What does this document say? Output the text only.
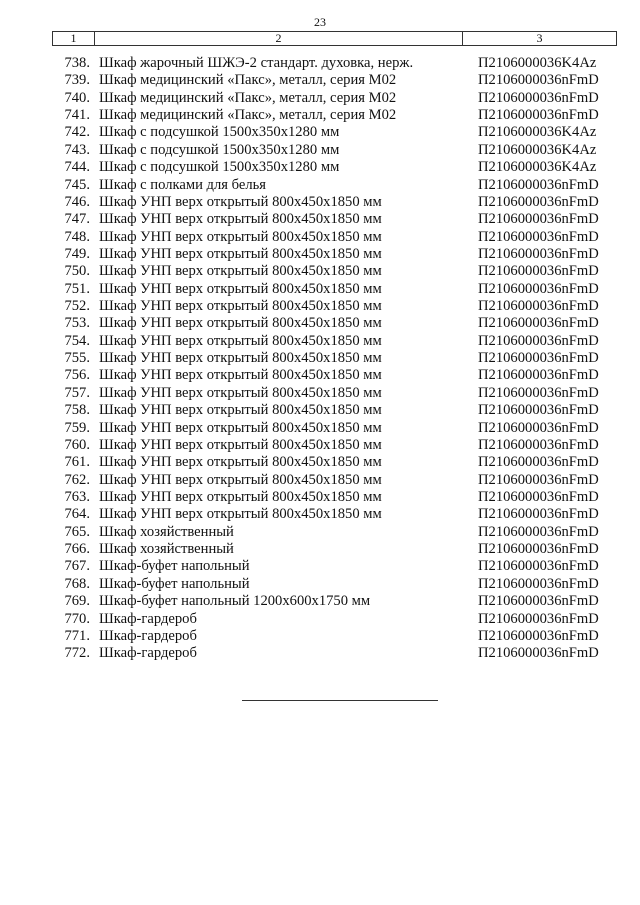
23
1	2	3
738. Шкаф жарочный ШЖЭ-2 стандарт. духовка, нерж.	П2106000036K4Az
739. Шкаф медицинский «Пакс», металл, серия М02	П2106000036nFmD
740. Шкаф медицинский «Пакс», металл, серия М02	П2106000036nFmD
741. Шкаф медицинский «Пакс», металл, серия М02	П2106000036nFmD
742. Шкаф с подсушкой 1500х350х1280 мм	П2106000036K4Az
743. Шкаф с подсушкой 1500х350х1280 мм	П2106000036K4Az
744. Шкаф с подсушкой 1500х350х1280 мм	П2106000036K4Az
745. Шкаф с полками для белья	П2106000036nFmD
746. Шкаф УНП верх открытый 800х450х1850 мм	П2106000036nFmD
747. Шкаф УНП верх открытый 800х450х1850 мм	П2106000036nFmD
748. Шкаф УНП верх открытый 800х450х1850 мм	П2106000036nFmD
749. Шкаф УНП верх открытый 800х450х1850 мм	П2106000036nFmD
750. Шкаф УНП верх открытый 800х450х1850 мм	П2106000036nFmD
751. Шкаф УНП верх открытый 800х450х1850 мм	П2106000036nFmD
752. Шкаф УНП верх открытый 800х450х1850 мм	П2106000036nFmD
753. Шкаф УНП верх открытый 800х450х1850 мм	П2106000036nFmD
754. Шкаф УНП верх открытый 800х450х1850 мм	П2106000036nFmD
755. Шкаф УНП верх открытый 800х450х1850 мм	П2106000036nFmD
756. Шкаф УНП верх открытый 800х450х1850 мм	П2106000036nFmD
757. Шкаф УНП верх открытый 800х450х1850 мм	П2106000036nFmD
758. Шкаф УНП верх открытый 800х450х1850 мм	П2106000036nFmD
759. Шкаф УНП верх открытый 800х450х1850 мм	П2106000036nFmD
760. Шкаф УНП верх открытый 800х450х1850 мм	П2106000036nFmD
761. Шкаф УНП верх открытый 800х450х1850 мм	П2106000036nFmD
762. Шкаф УНП верх открытый 800х450х1850 мм	П2106000036nFmD
763. Шкаф УНП верх открытый 800х450х1850 мм	П2106000036nFmD
764. Шкаф УНП верх открытый 800х450х1850 мм	П2106000036nFmD
765. Шкаф хозяйственный	П2106000036nFmD
766. Шкаф хозяйственный	П2106000036nFmD
767. Шкаф-буфет напольный	П2106000036nFmD
768. Шкаф-буфет напольный	П2106000036nFmD
769. Шкаф-буфет напольный 1200х600х1750 мм	П2106000036nFmD
770. Шкаф-гардероб	П2106000036nFmD
771. Шкаф-гардероб	П2106000036nFmD
772. Шкаф-гардероб	П2106000036nFmD
